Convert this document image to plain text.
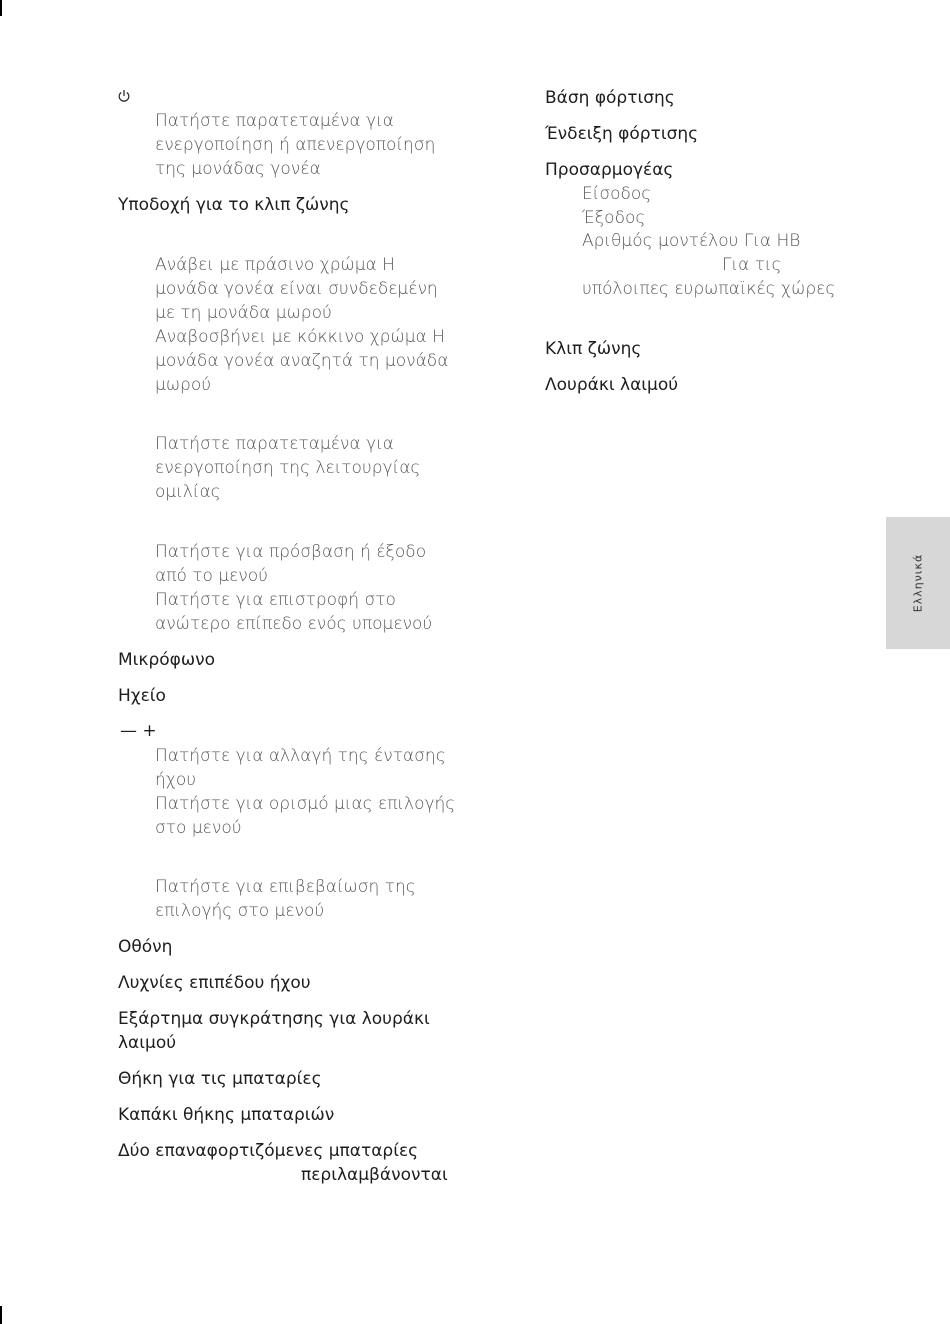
Πατήστε παρατεταμένα για
ενεργοποίηση ή απενεργοποίηση
της μονάδας γονέα
Υποδοχή για το κλιπ ζώνης
Ανάβει με πράσινο χρώμα Η
μονάδα γονέα είναι συνδεδεμένη
με τη μονάδα μωρού
Αναβοσβήνει με κόκκινο χρώμα Η
μονάδα γονέα αναζητά τη μονάδα
μωρού
Πατήστε παρατεταμένα για
ενεργοποίηση της λειτουργίας
ομιλίας
Πατήστε για πρόσβαση ή έξοδο
από το μενού
Πατήστε για επιστροφή στο
ανώτερο επίπεδο ενός υπομενού
Μικρόφωνο
Ηχείο
— +
Πατήστε για αλλαγή της έντασης
ήχου
Πατήστε για ορισμό μιας επιλογής
στο μενού
Πατήστε για επιβεβαίωση της
επιλογής στο μενού
Οθόνη
Λυχνίες επιπέδου ήχου
Εξάρτημα συγκράτησης για λουράκι
λαιμού
Θήκη για τις μπαταρίες
Καπάκι θήκης μπαταριών
Δύο επαναφορτιζόμενες μπαταρίες
περιλαμβάνονται
Βάση φόρτισης
Ένδειξη φόρτισης
Προσαρμογέας
Είσοδος
Έξοδος
Αριθμός μοντέλου Για ΗΒ
Για τις
υπόλοιπες ευρωπαϊκές χώρες
Κλιπ ζώνης
Λουράκι λαιμού
Ελληνικά
